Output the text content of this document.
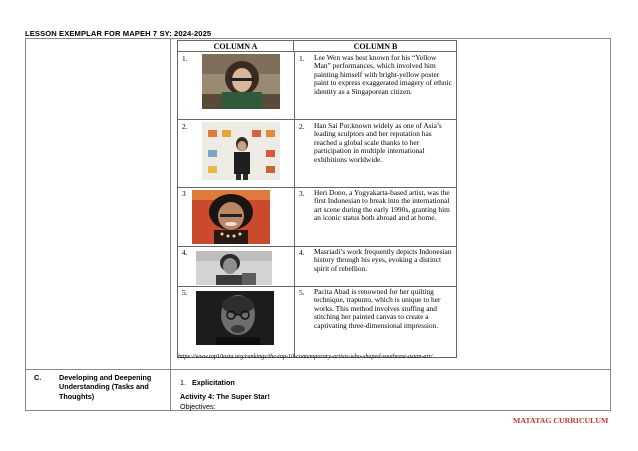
LESSON EXEMPLAR FOR MAPEH 7 SY: 2024-2025
COLUMN A	COLUMN B
1.	1. Lee Wen was best known for his “Yellow Man” performances, which involved him painting himself with bright-yellow poster paint to express exaggerated imagery of ethnic identity as a Singaporean citizen.
2.	2. Han Sai Por,known widely as one of Asia’s leading sculptors and her reputation has reached a global scale thanks to her participation in multiple international exhibitions worldwide.
3	3. Heri Dono, a Yogyakarta-based artist, was the first Indonesian to break into the international art scene during the early 1990s, granting him an iconic status both abroad and at home.
4.	4. Masriadi’s work frequently depicts Indonesian history through his eyes, evoking a distinct spirit of rebellion.
5.	5. Pacita Abad is renowned for her quilting technique, trapunto, which is unique to her works. This method involves stuffing and stitching her painted canvas to create a captivating three-dimensional impression.
https://www.top10asia.org/rankings/the-top-10-contemporary-artists-who-shaped-southeast-asian-art/
C. Developing and Deepening Understanding (Tasks and Thoughts)
1. Explicitation
Activity 4: The Super Star!
Objectives:
MATATAG CURRICULUM
